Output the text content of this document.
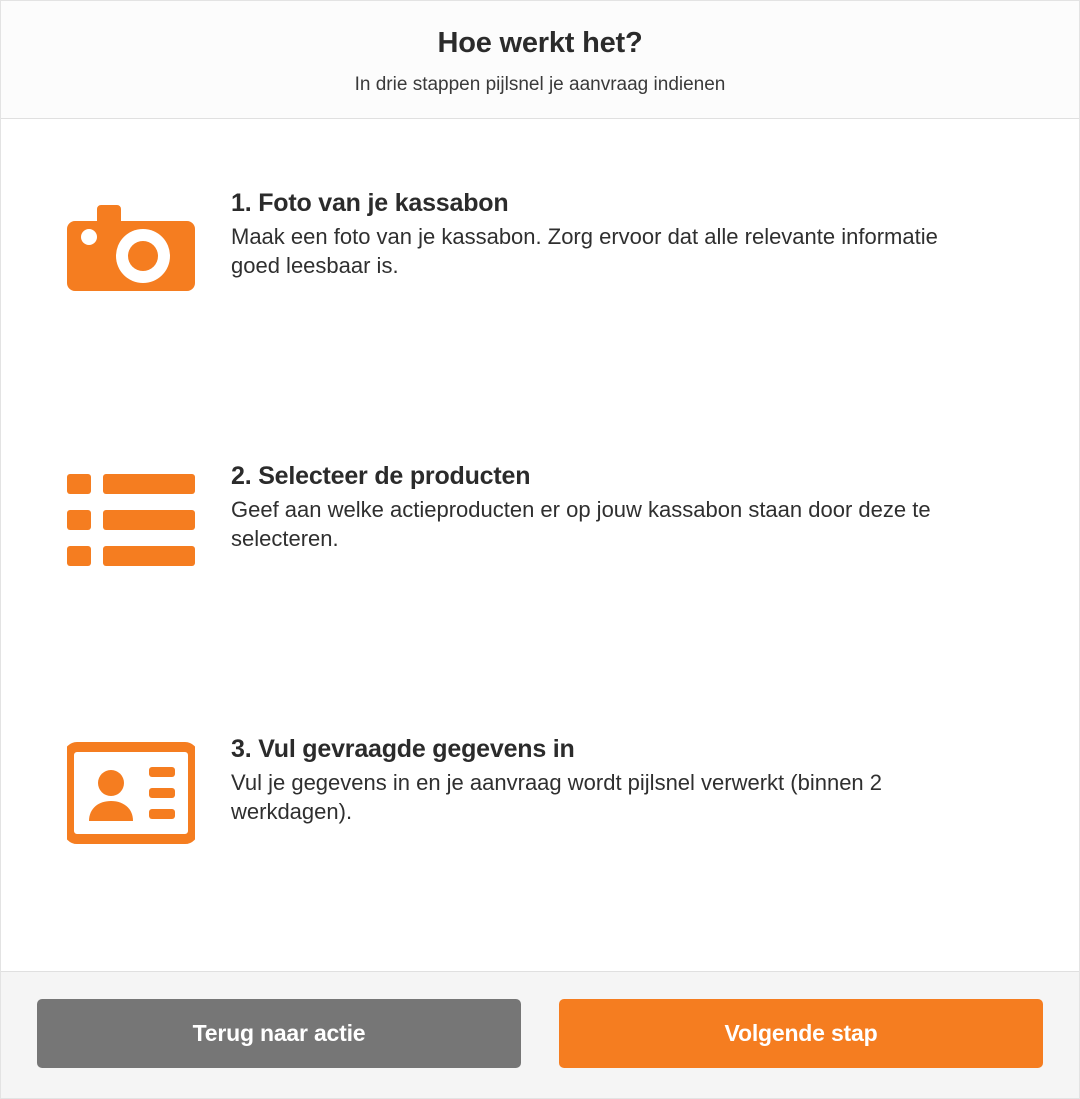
Hoe werkt het?

In drie stappen pijlsnel je aanvraag indienen

1. Foto van je kassabon

Maak een foto van je kassabon. Zorg ervoor dat alle relevante informatie goed leesbaar is.

2. Selecteer de producten

Geef aan welke actieproducten er op jouw kassabon staan door deze te selecteren.

3. Vul gevraagde gegevens in

Vul je gegevens in en je aanvraag wordt pijlsnel verwerkt (binnen 2 werkdagen).

Terug naar actie	Volgende stap
